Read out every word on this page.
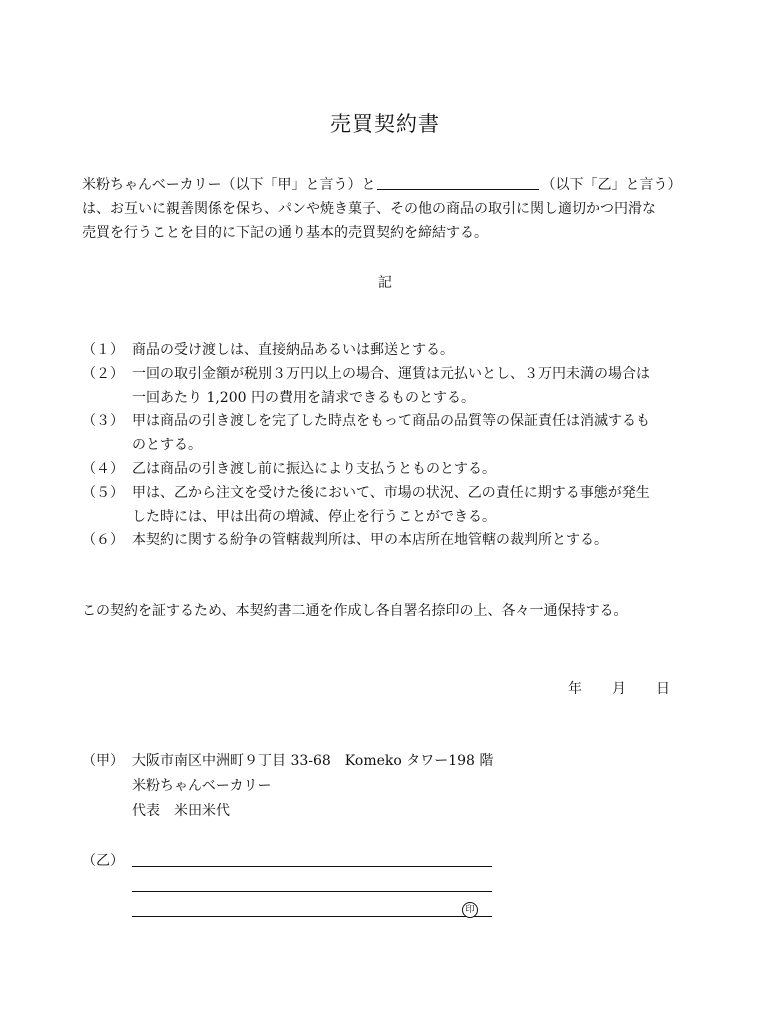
売買契約書
米粉ちゃんベーカリー（以下「甲」と言う）と	（以下「乙」と言う）
は、お互いに親善関係を保ち、パンや焼き菓子、その他の商品の取引に関し適切かつ円滑な
売買を行うことを目的に下記の通り基本的売買契約を締結する。
記
（１） 商品の受け渡しは、直接納品あるいは郵送とする。
（２） 一回の取引金額が税別３万円以上の場合、運賃は元払いとし、３万円未満の場合は
一回あたり 1,200 円の費用を請求できるものとする。
（３） 甲は商品の引き渡しを完了した時点をもって商品の品質等の保証責任は消滅するも
のとする。
（４） 乙は商品の引き渡し前に振込により支払うとものとする。
（５） 甲は、乙から注文を受けた後において、市場の状況、乙の責任に期する事態が発生
した時には、甲は出荷の増減、停止を行うことができる。
（６） 本契約に関する紛争の管轄裁判所は、甲の本店所在地管轄の裁判所とする。
この契約を証するため、本契約書二通を作成し各自署名捺印の上、各々一通保持する。
年 月 日
（甲） 大阪市南区中洲町９丁目 33-68　Komeko タワー198 階
米粉ちゃんベーカリー
代表　米田米代
（乙）
印
